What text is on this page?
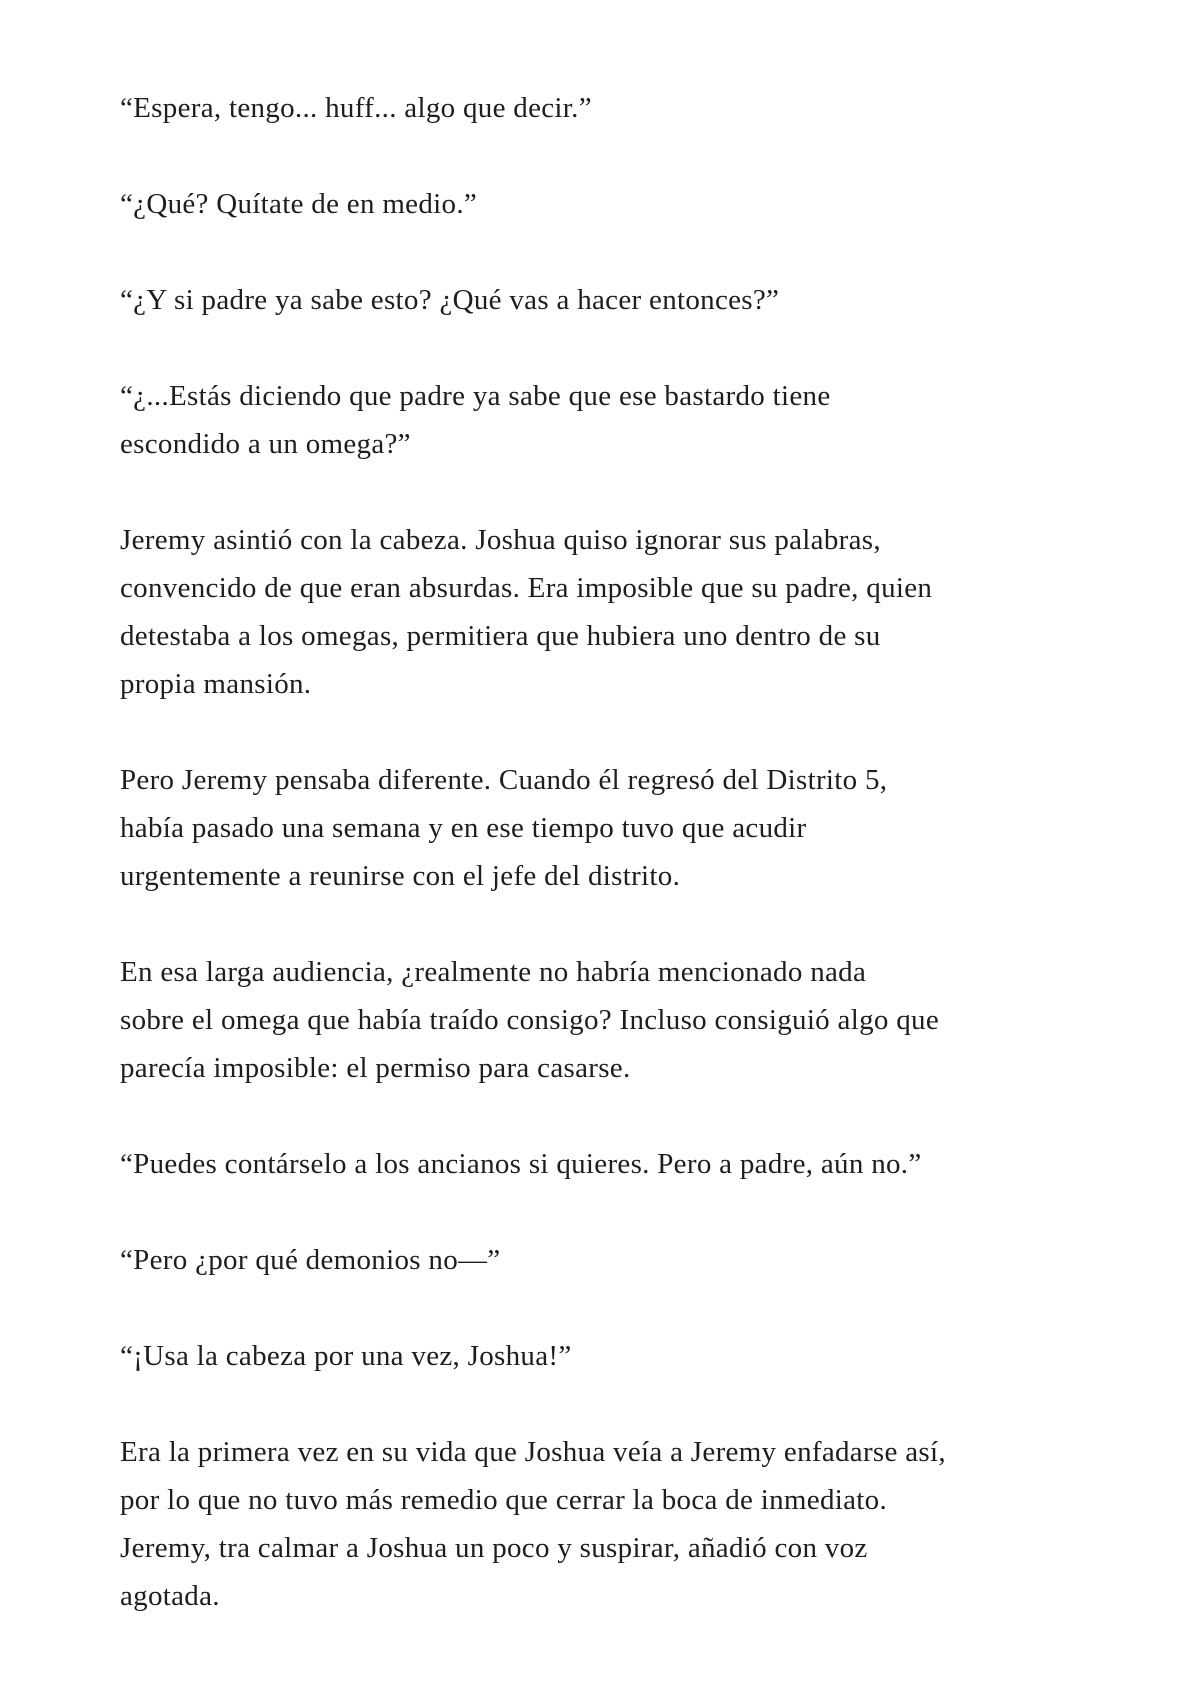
“Espera, tengo... huff... algo que decir.”
“¿Qué? Quítate de en medio.”
“¿Y si padre ya sabe esto? ¿Qué vas a hacer entonces?”
“¿...Estás diciendo que padre ya sabe que ese bastardo tiene
escondido a un omega?”
Jeremy asintió con la cabeza. Joshua quiso ignorar sus palabras,
convencido de que eran absurdas. Era imposible que su padre, quien
detestaba a los omegas, permitiera que hubiera uno dentro de su
propia mansión.
Pero Jeremy pensaba diferente. Cuando él regresó del Distrito 5,
había pasado una semana y en ese tiempo tuvo que acudir
urgentemente a reunirse con el jefe del distrito.
En esa larga audiencia, ¿realmente no habría mencionado nada
sobre el omega que había traído consigo? Incluso consiguió algo que
parecía imposible: el permiso para casarse.
“Puedes contárselo a los ancianos si quieres. Pero a padre, aún no.”
“Pero ¿por qué demonios no—”
“¡Usa la cabeza por una vez, Joshua!”
Era la primera vez en su vida que Joshua veía a Jeremy enfadarse así,
por lo que no tuvo más remedio que cerrar la boca de inmediato.
Jeremy, tra calmar a Joshua un poco y suspirar, añadió con voz
agotada.
